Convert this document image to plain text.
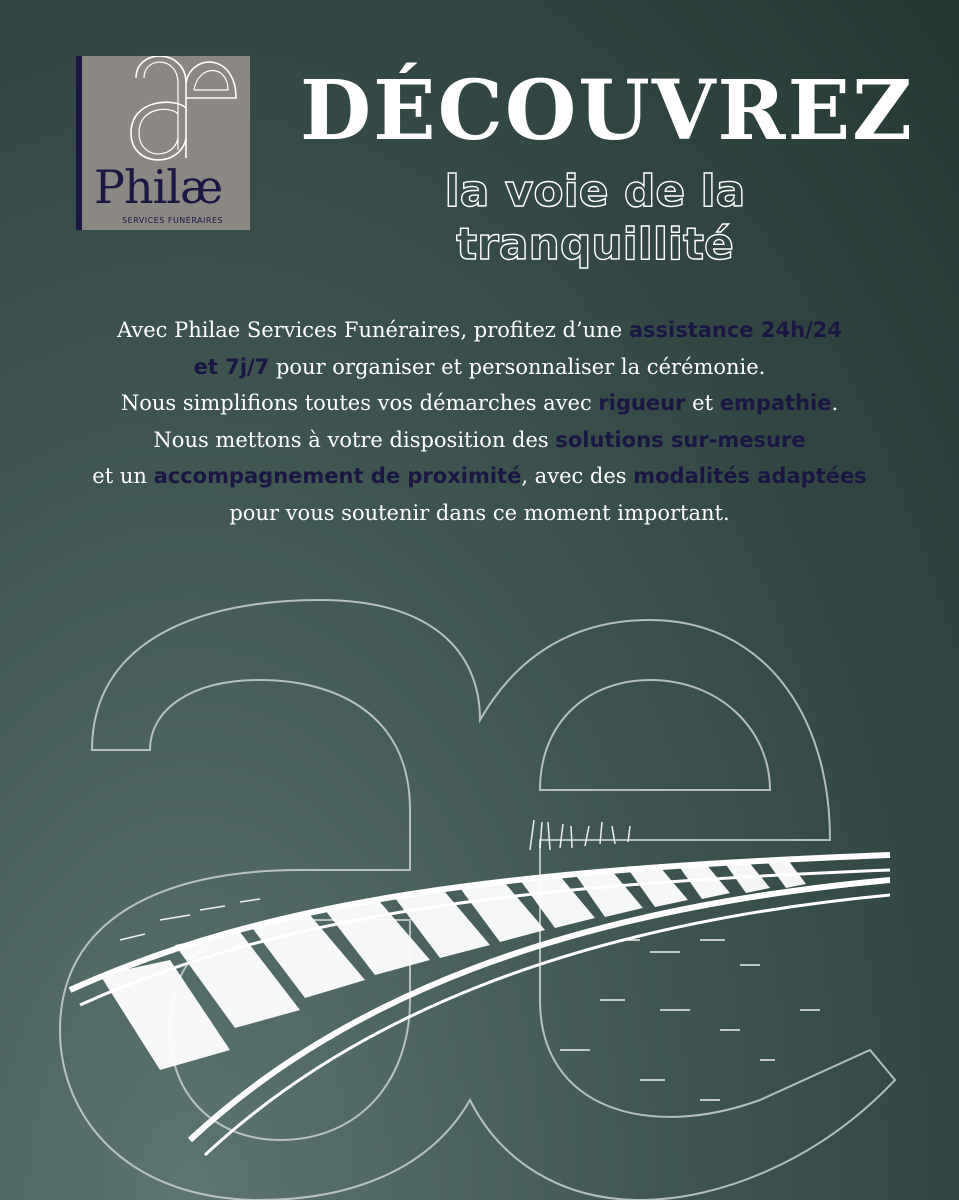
Philæ
SERVICES FUNÉRAIRES
DÉCOUVREZ
la voie de la tranquillité
Avec Philae Services Funéraires, profitez d’une assistance 24h/24
et 7j/7 pour organiser et personnaliser la cérémonie.
Nous simplifions toutes vos démarches avec rigueur et empathie.
Nous mettons à votre disposition des solutions sur-mesure
et un accompagnement de proximité, avec des modalités adaptées
pour vous soutenir dans ce moment important.
